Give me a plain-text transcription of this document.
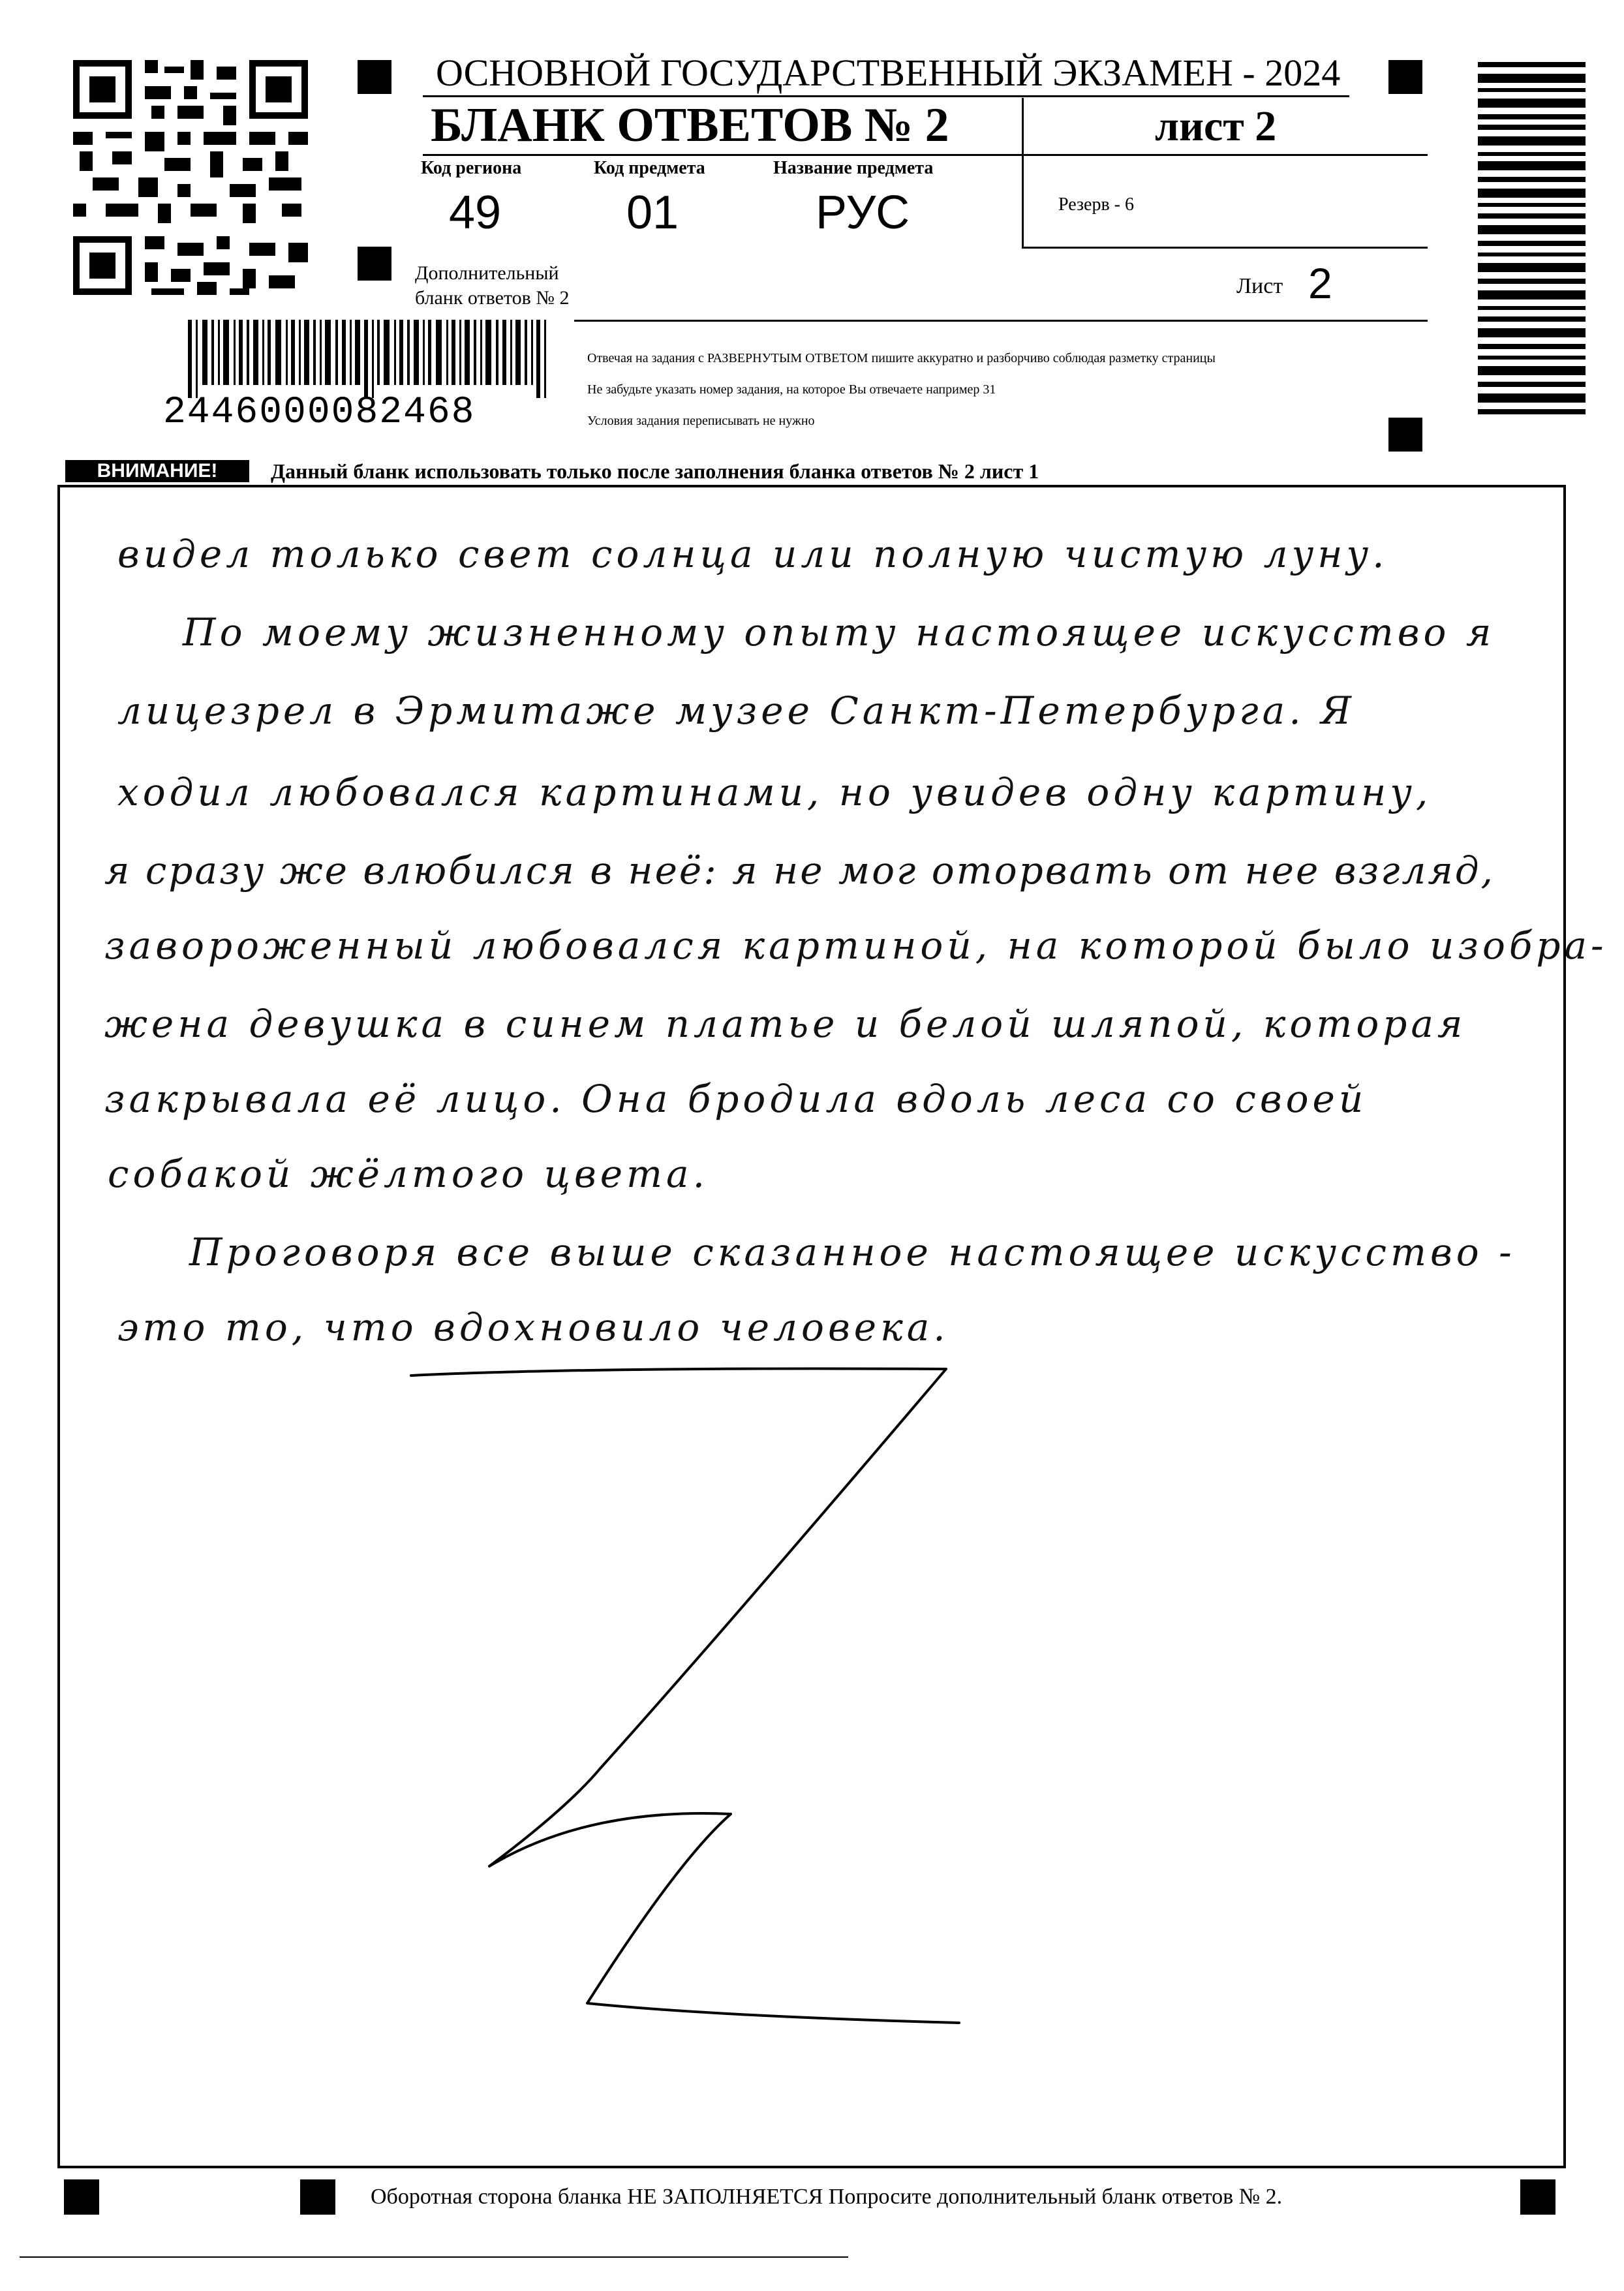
ОСНОВНОЙ ГОСУДАРСТВЕННЫЙ ЭКЗАМЕН - 2024
БЛАНК ОТВЕТОВ № 2	лист 2
Код региона
49
Код предмета
01
Название предмета
РУС	Резерв - 6
Дополнительный
бланк ответов № 2	Лист 2
2446000082468
Отвечая на задания с РАЗВЕРНУТЫМ ОТВЕТОМ пишите аккуратно и разборчиво соблюдая разметку страницы
Не забудьте указать номер задания, на которое Вы отвечаете например 31
Условия задания переписывать не нужно
ВНИМАНИЕ!	Данный бланк использовать только после заполнения бланка ответов № 2 лист 1
видел только свет солнца или полную чистую луну.
По моему жизненному опыту настоящее искусство я
лицезрел в Эрмитаже музее Санкт-Петербурга. Я
ходил любовался картинами, но увидев одну картину,
я сразу же влюбился в неё: я не мог оторвать от нее взгляд,
завороженный любовался картиной, на которой было изобра-
жена девушка в синем платье и белой шляпой, которая
закрывала её лицо. Она бродила вдоль леса со своей
собакой жёлтого цвета.
Проговоря все выше сказанное настоящее искусство -
это то, что вдохновило человека.
Оборотная сторона бланка НЕ ЗАПОЛНЯЕТСЯ Попросите дополнительный бланк ответов № 2.
